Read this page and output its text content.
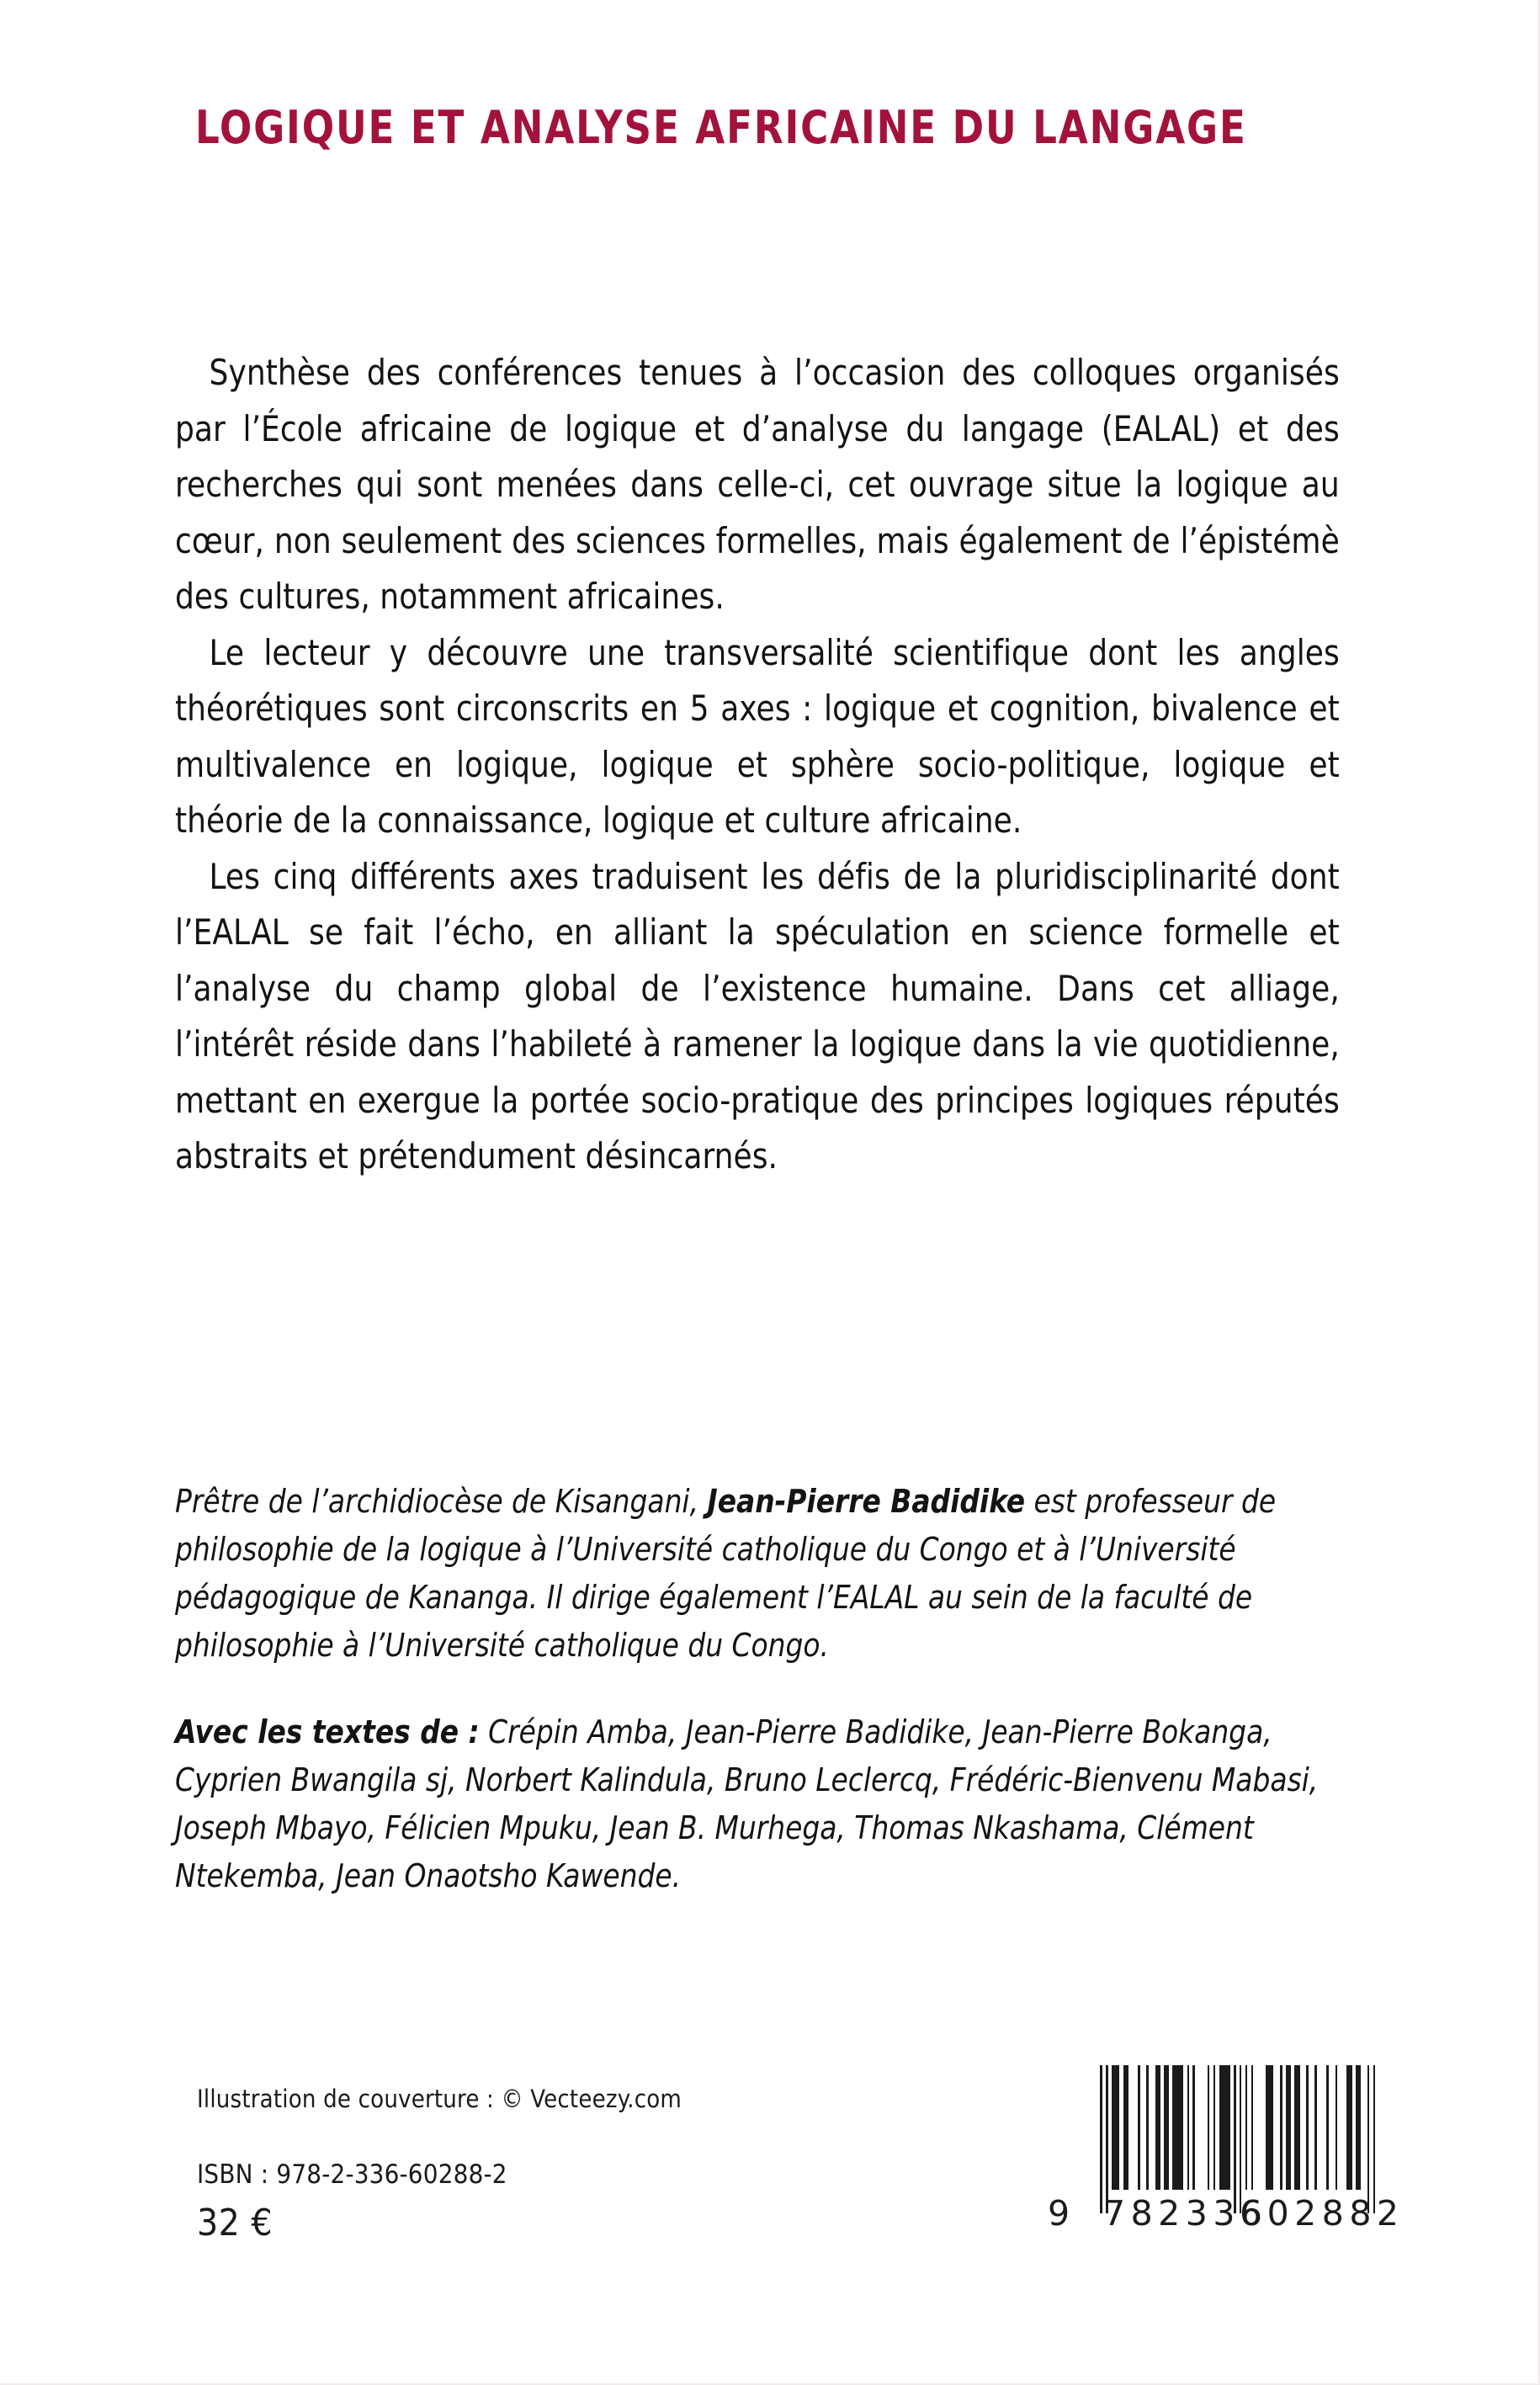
LOGIQUE ET ANALYSE AFRICAINE DU LANGAGE

Synthèse des conférences tenues à l’occasion des colloques organisés par l’École africaine de logique et d’analyse du langage (EALAL) et des recherches qui sont menées dans celle-ci, cet ouvrage situe la logique au cœur, non seulement des sciences formelles, mais également de l’épistémè des cultures, notamment africaines.

Le lecteur y découvre une transversalité scientifique dont les angles théorétiques sont circonscrits en 5 axes : logique et cognition, bivalence et multivalence en logique, logique et sphère socio-politique, logique et théorie de la connaissance, logique et culture africaine.

Les cinq différents axes traduisent les défis de la pluridisciplinarité dont l’EALAL se fait l’écho, en alliant la spéculation en science formelle et l’analyse du champ global de l’existence humaine. Dans cet alliage, l’intérêt réside dans l’habileté à ramener la logique dans la vie quotidienne, mettant en exergue la portée socio-pratique des principes logiques réputés abstraits et prétendument désincarnés.

Prêtre de l’archidiocèse de Kisangani, Jean-Pierre Badidike est professeur de philosophie de la logique à l’Université catholique du Congo et à l’Université pédagogique de Kananga. Il dirige également l’EALAL au sein de la faculté de philosophie à l’Université catholique du Congo.

Avec les textes de : Crépin Amba, Jean-Pierre Badidike, Jean-Pierre Bokanga, Cyprien Bwangila sj, Norbert Kalindula, Bruno Leclercq, Frédéric-Bienvenu Mabasi, Joseph Mbayo, Félicien Mpuku, Jean B. Murhega, Thomas Nkashama, Clément Ntekemba, Jean Onaotsho Kawende.

Illustration de couverture : © Vecteezy.com

ISBN : 978-2-336-60288-2

32 €	9 782336
602882
